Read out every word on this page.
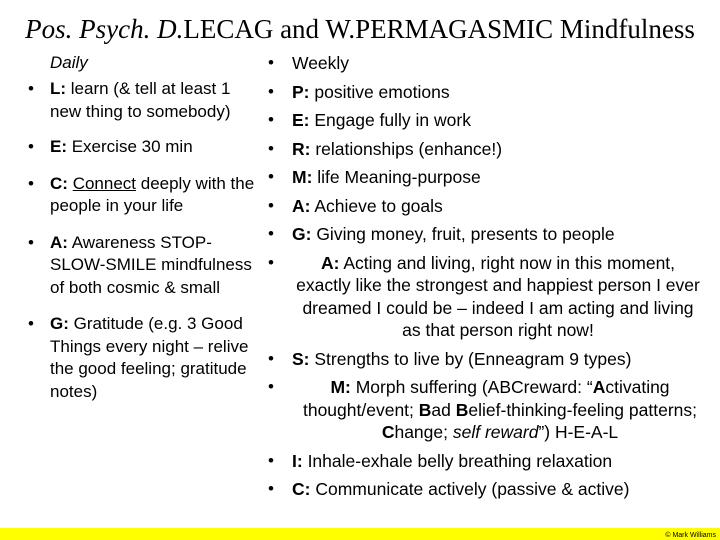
Pos. Psych. D.LECAG and W.PERMAGASMIC Mindfulness
Daily
• L: learn (& tell at least 1 new thing to somebody)
• E: Exercise 30 min
• C: Connect deeply with the people in your life
• A: Awareness STOP-SLOW-SMILE mindfulness of both cosmic & small
• G: Gratitude (e.g. 3 Good Things every night – relive the good feeling; gratitude notes)
• Weekly
• P: positive emotions
• E: Engage fully in work
• R: relationships (enhance!)
• M: life Meaning-purpose
• A: Achieve to goals
• G: Giving money, fruit, presents to people
•	A: Acting and living, right now in this moment, exactly like the strongest and happiest person I ever dreamed I could be – indeed I am acting and living as that person right now!
• S: Strengths to live by (Enneagram 9 types)
•	M: Morph suffering (ABCreward: “Activating thought/event; Bad Belief-thinking-feeling patterns; Change; self reward”) H-E-A-L
• I: Inhale-exhale belly breathing relaxation
• C: Communicate actively (passive & active)
© Mark Williams
